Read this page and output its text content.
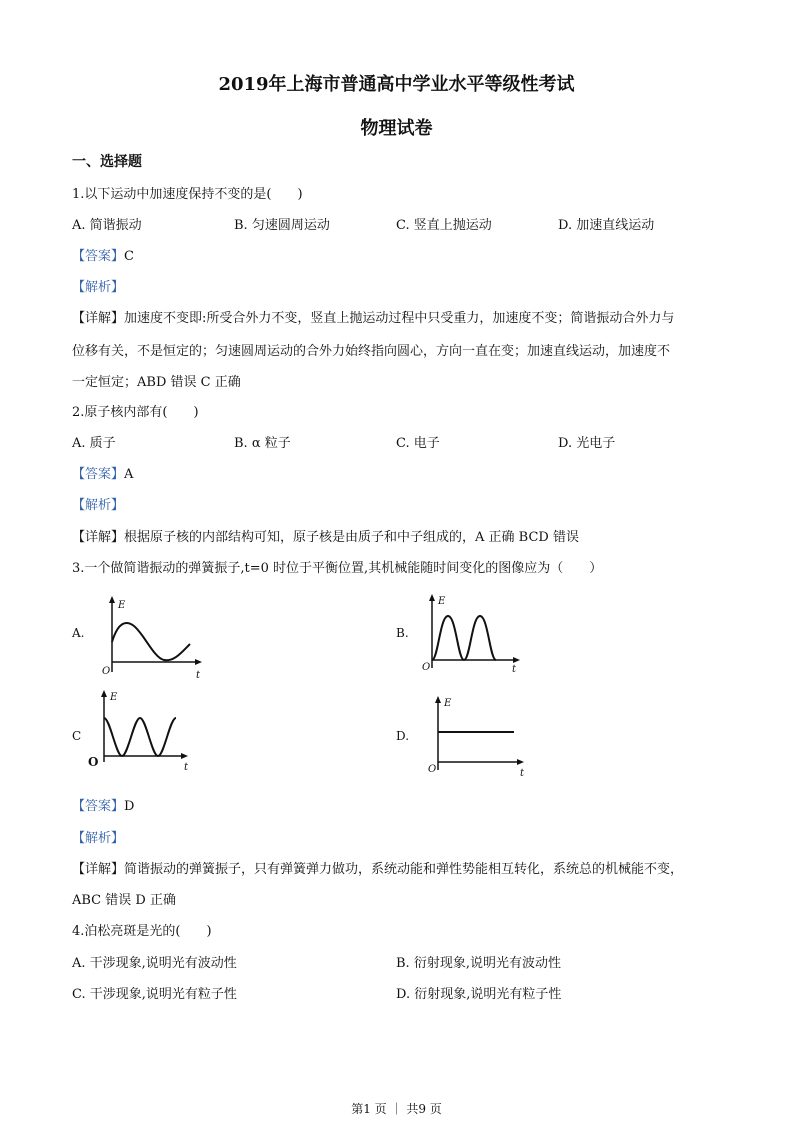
2019年上海市普通高中学业水平等级性考试
物理试卷
一、选择题
1.以下运动中加速度保持不变的是(　　)
A. 简谐振动	B. 匀速圆周运动	C. 竖直上抛运动	D. 加速直线运动
【答案】C
【解析】
【详解】加速度不变即:所受合外力不变，竖直上抛运动过程中只受重力，加速度不变；简谐振动合外力与
位移有关，不是恒定的；匀速圆周运动的合外力始终指向圆心，方向一直在变；加速直线运动，加速度不
一定恒定；ABD 错误 C 正确
2.原子核内部有(　　)
A. 质子	B. α 粒子	C. 电子	D. 光电子
【答案】A
【解析】
【详解】根据原子核的内部结构可知，原子核是由质子和中子组成的，A 正确 BCD 错误
3.一个做简谐振动的弹簧振子,t=0 时位于平衡位置,其机械能随时间变化的图像应为（　　）
A.
E
O	t
B.
E
O	t
C
E
O	t
D.
E
O	t
【答案】D
【解析】
【详解】简谐振动的弹簧振子，只有弹簧弹力做功，系统动能和弹性势能相互转化，系统总的机械能不变，
ABC 错误 D 正确
4.泊松亮斑是光的(　　)
A. 干涉现象,说明光有波动性	B. 衍射现象,说明光有波动性
C. 干涉现象,说明光有粒子性	D. 衍射现象,说明光有粒子性
第1 页 ｜ 共9 页
